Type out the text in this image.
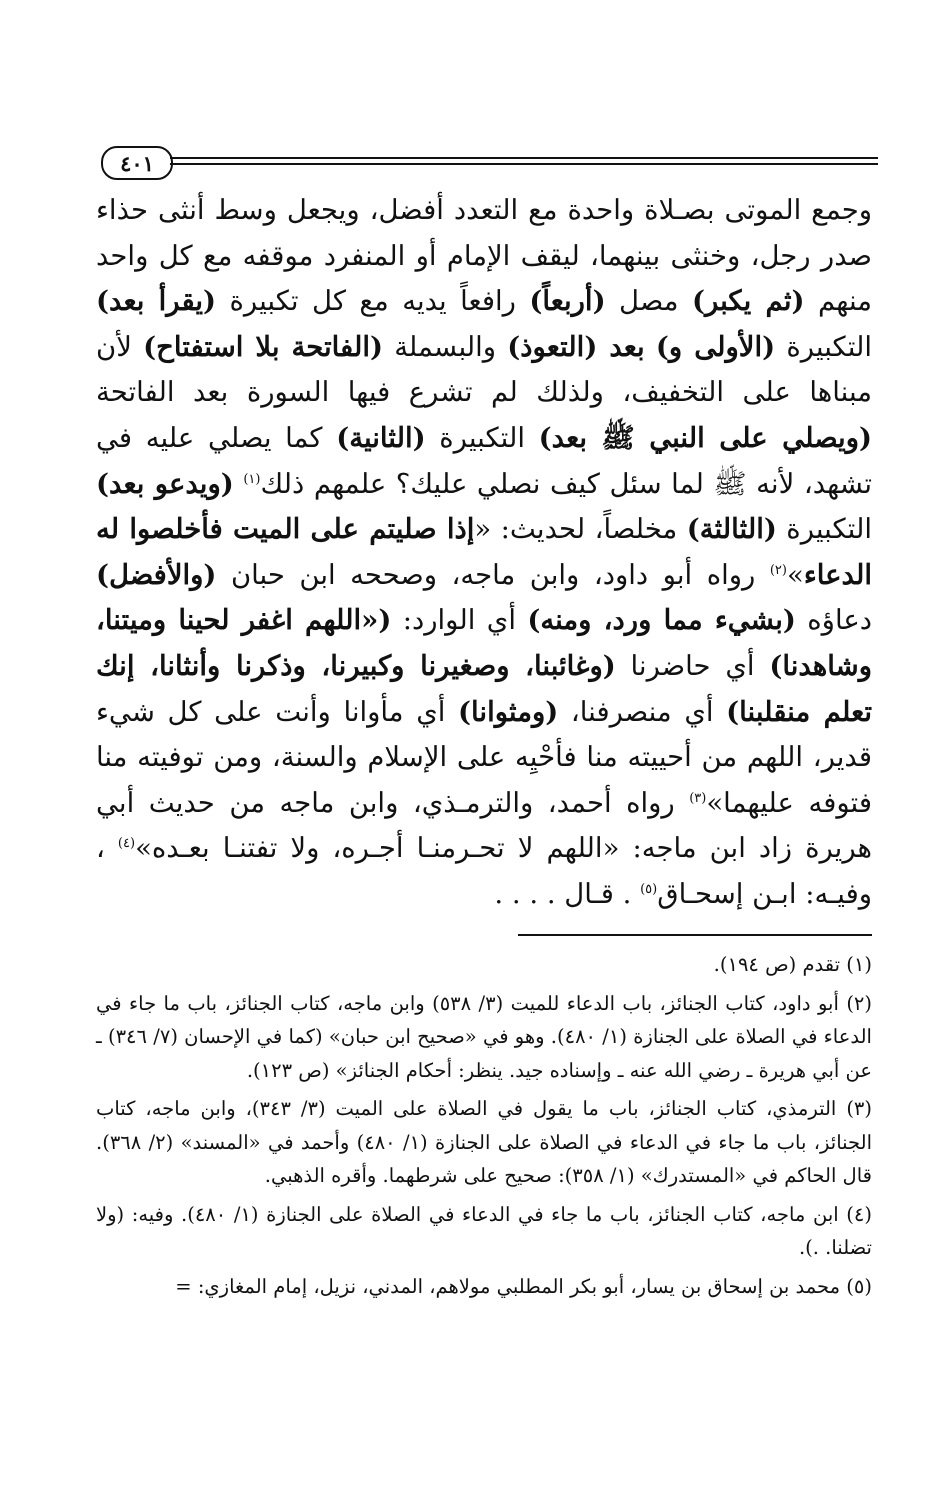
٤٠١

وجمع الموتى بصـلاة واحدة مع التعدد أفضل، ويجعل وسط أنثى حذاء صدر رجل، وخنثى بينهما، ليقف الإمام أو المنفرد موقفه مع كل واحد منهم (ثم يكبر) مصل (أربعاً) رافعاً يديه مع كل تكبيرة (يقرأ بعد) التكبيرة (الأولى و) بعد (التعوذ) والبسملة (الفاتحة بلا استفتاح) لأن مبناها على التخفيف، ولذلك لم تشرع فيها السورة بعد الفاتحة (ويصلي على النبي ﷺ بعد) التكبيرة (الثانية) كما يصلي عليه في تشهد، لأنه ﷺ لما سئل كيف نصلي عليك؟ علمهم ذلك$^{(١)}$ (ويدعو بعد) التكبيرة (الثالثة) مخلصاً، لحديث: «إذا صليتم على الميت فأخلصوا له الدعاء»$^{(٢)}$ رواه أبو داود، وابن ماجه، وصححه ابن حبان (والأفضل) دعاؤه (بشيء مما ورد، ومنه) أي الوارد: («اللهم اغفر لحينا وميتنا، وشاهدنا) أي حاضرنا (وغائبنا، وصغيرنا وكبيرنا، وذكرنا وأنثانا، إنك تعلم منقلبنا) أي منصرفنا، (ومثوانا) أي مأوانا وأنت على كل شيء قدير، اللهم من أحييته منا فأحْيِه على الإسلام والسنة، ومن توفيته منا فتوفه عليهما»$^{(٣)}$ رواه أحمد، والترمـذي، وابن ماجه من حديث أبي هريرة زاد ابن ماجه: «اللهم لا تحـرمنـا أجـره، ولا تفتنـا بعـده»$^{(٤)}$ ، وفيـه: ابـن إسحـاق$^{(٥)}$ . قـال . . . .

(١) تقدم (ص ١٩٤).

(٢) أبو داود، كتاب الجنائز، باب الدعاء للميت (٣/ ٥٣٨) وابن ماجه، كتاب الجنائز، باب ما جاء في الدعاء في الصلاة على الجنازة (١/ ٤٨٠). وهو في «صحيح ابن حبان» (كما في الإحسان (٧/ ٣٤٦) ـ عن أبي هريرة ـ رضي الله عنه ـ وإسناده جيد. ينظر: أحكام الجنائز» (ص ١٢٣).

(٣) الترمذي، كتاب الجنائز، باب ما يقول في الصلاة على الميت (٣/ ٣٤٣)، وابن ماجه، كتاب الجنائز، باب ما جاء في الدعاء في الصلاة على الجنازة (١/ ٤٨٠) وأحمد في «المسند» (٢/ ٣٦٨). قال الحاكم في «المستدرك» (١/ ٣٥٨): صحيح على شرطهما. وأقره الذهبي.

(٤) ابن ماجه، كتاب الجنائز، باب ما جاء في الدعاء في الصلاة على الجنازة (١/ ٤٨٠). وفيه: (ولا تضلنا. .).

(٥) محمد بن إسحاق بن يسار، أبو بكر المطلبي مولاهم، المدني، نزيل، إمام المغازي: =
